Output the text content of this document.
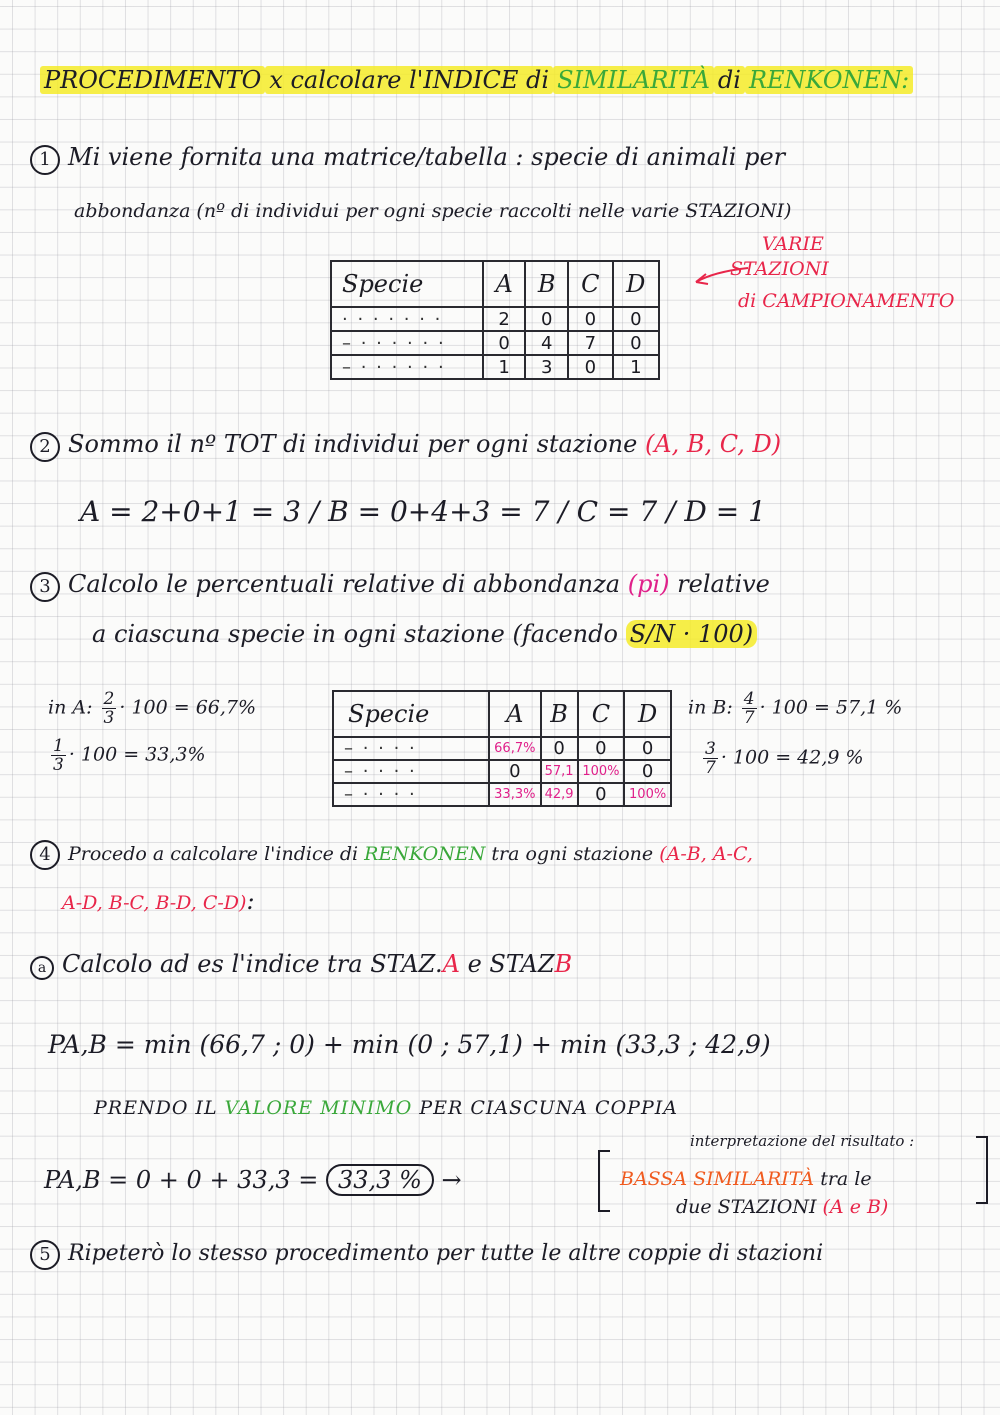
PROCEDIMENTO x calcolare l'INDICE di SIMILARITÀ di RENKONEN:
1 Mi viene fornita una matrice/tabella : specie di animali per
abbondanza (nº di individui per ogni specie raccolti nelle varie STAZIONI)
Specie	A	B	C	D
· · · · · · ·	2	0	0	0
– · · · · · ·	0	4	7	0
– · · · · · ·	1	3	0	1
VARIE
STAZIONI
di CAMPIONAMENTO
2 Sommo il nº TOT di individui per ogni stazione (A, B, C, D)
A = 2+0+1 = 3 / B = 0+4+3 = 7 / C = 7 / D = 1
3 Calcolo le percentuali relative di abbondanza (pi) relative
a ciascuna specie in ogni stazione (facendo S/N · 100)
in A: $\frac{2}{3} \cdot 100 = 66,7\%$
$\frac{1}{3} \cdot 100 = 33,3\%$
Specie	A	B	C	D
– · · · ·	66,7%	0	0	0
– · · · ·	0	57,1	100%	0
– · · · ·	33,3%	42,9	0	100%
in B: $\frac{4}{7} \cdot 100 = 57,1$ %
$\frac{3}{7} \cdot 100 = 42,9$ %
4 Procedo a calcolare l'indice di RENKONEN tra ogni stazione (A-B, A-C,
A-D, B-C, B-D, C-D):
a Calcolo ad es l'indice tra STAZ.A e STAZB
PA,B = min (66,7 ; 0) + min (0 ; 57,1) + min (33,3 ; 42,9)
PRENDO IL VALORE MINIMO PER CIASCUNA COPPIA
PA,B = 0 + 0 + 33,3 = 33,3 % →
interpretazione del risultato :
BASSA SIMILARITÀ tra le
due STAZIONI (A e B)
5 Ripeterò lo stesso procedimento per tutte le altre coppie di stazioni
